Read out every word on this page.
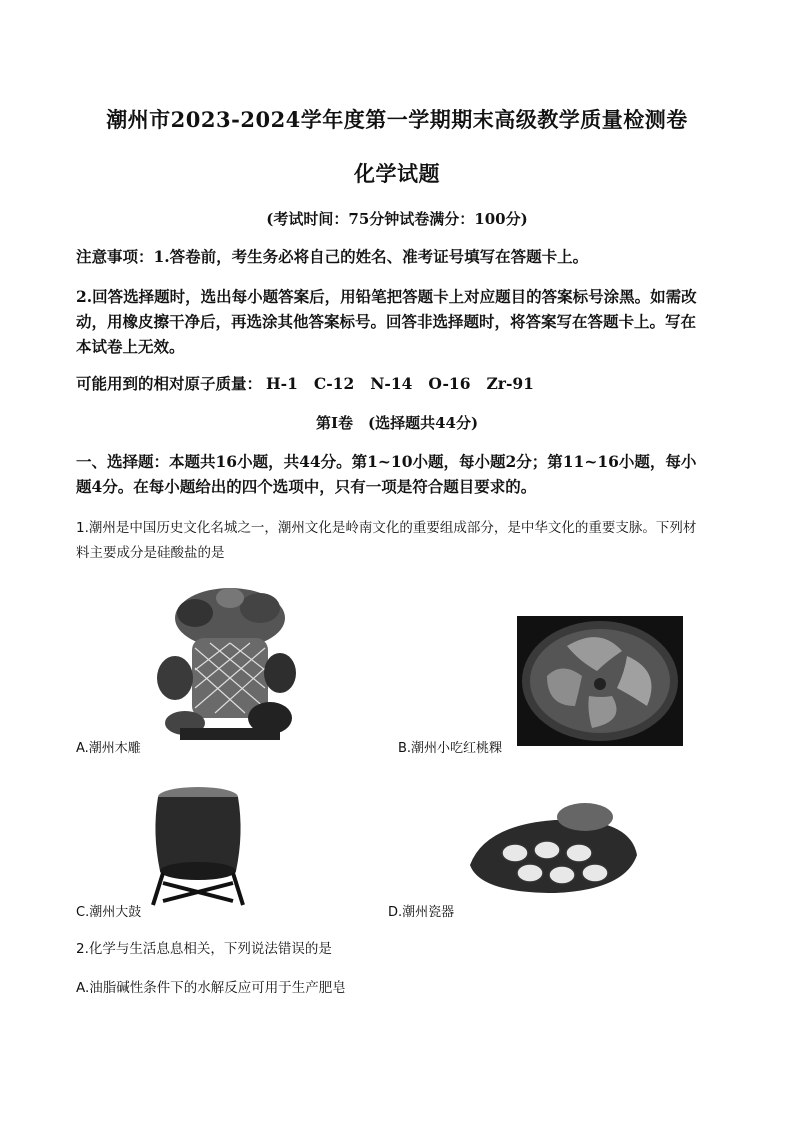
潮州市2023-2024学年度第一学期期末高级教学质量检测卷
化学试题
(考试时间：75分钟试卷满分：100分)
注意事项：1.答卷前，考生务必将自己的姓名、准考证号填写在答题卡上。
2.回答选择题时，选出每小题答案后，用铅笔把答题卡上对应题目的答案标号涂黑。如需改
动，用橡皮擦干净后，再选涂其他答案标号。回答非选择题时，将答案写在答题卡上。写在
本试卷上无效。
可能用到的相对原子质量： H-1 C-12 N-14 O-16 Zr-91
第Ⅰ卷　(选择题共44分)
一、选择题：本题共16小题，共44分。第1~10小题，每小题2分；第11~16小题，每小
题4分。在每小题给出的四个选项中，只有一项是符合题目要求的。
1.潮州是中国历史文化名城之一，潮州文化是岭南文化的重要组成部分，是中华文化的重要支脉。下列材
料主要成分是硅酸盐的是
A.潮州木雕	B.潮州小吃红桃粿
C.潮州大鼓	D.潮州瓷器
2.化学与生活息息相关，下列说法错误的是
A.油脂碱性条件下的水解反应可用于生产肥皂
